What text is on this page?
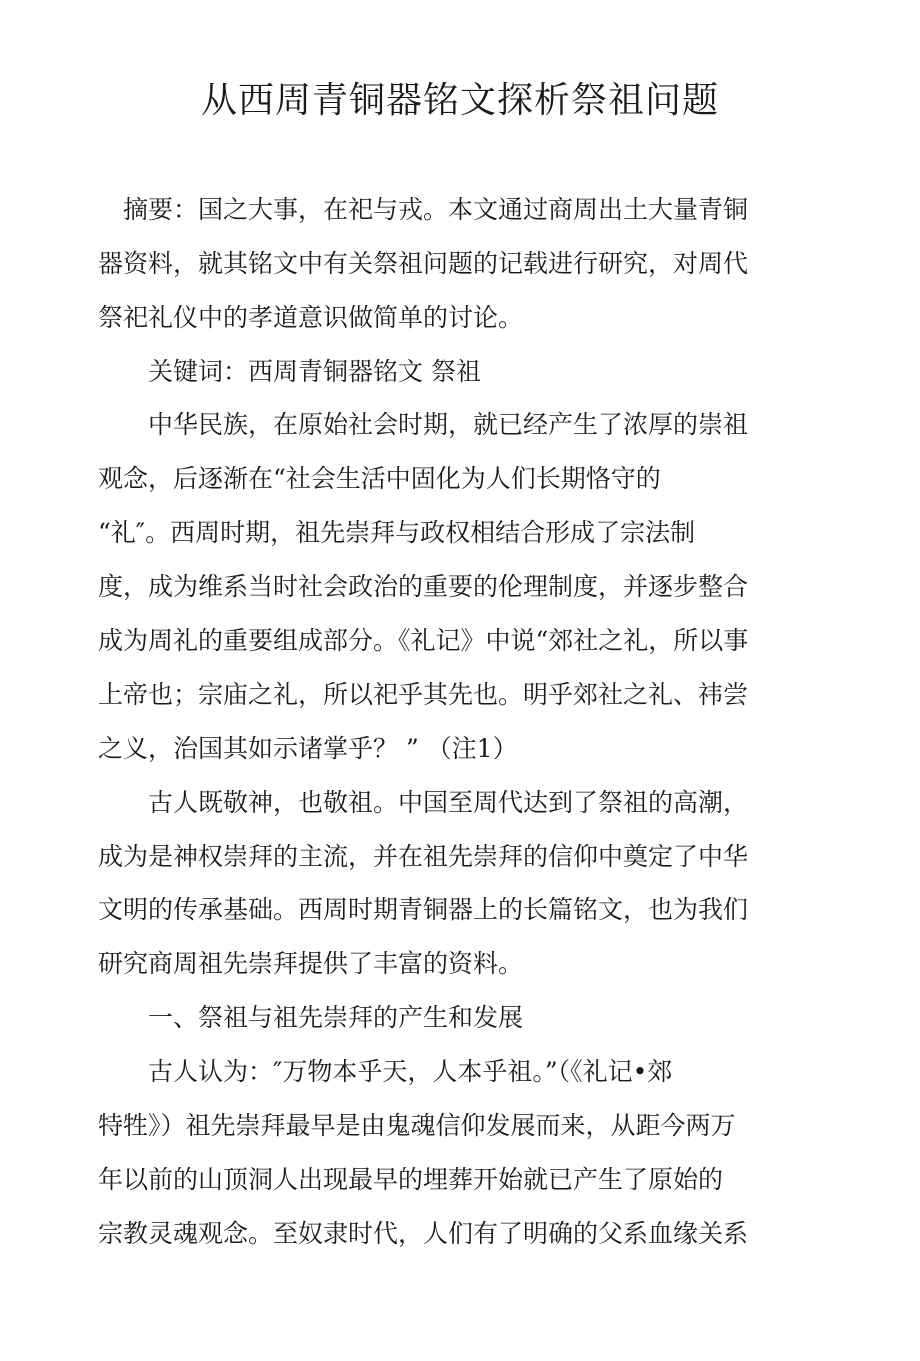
从西周青铜器铭文探析祭祖问题

　摘要：国之大事，在祀与戎。本文通过商周出土大量青铜

器资料，就其铭文中有关祭祖问题的记载进行研究，对周代

祭祀礼仪中的孝道意识做简单的讨论。

　　关键词：西周青铜器铭文 祭祖

　　中华民族，在原始社会时期，就已经产生了浓厚的崇祖

观念，后逐渐在“社会生活中固化为人们长期恪守的

“礼″。西周时期，祖先崇拜与政权相结合形成了宗法制

度，成为维系当时社会政治的重要的伦理制度，并逐步整合

成为周礼的重要组成部分。《礼记》中说“郊社之礼，所以事

上帝也；宗庙之礼，所以祀乎其先也。明乎郊社之礼、祎尝

之义，治国其如示诸掌乎？ ” （注1）

　　古人既敬神，也敬祖。中国至周代达到了祭祖的高潮，

成为是神权崇拜的主流，并在祖先崇拜的信仰中奠定了中华

文明的传承基础。西周时期青铜器上的长篇铭文，也为我们

研究商周祖先崇拜提供了丰富的资料。

　　一、祭祖与祖先崇拜的产生和发展

　　古人认为：″万物本乎天，人本乎祖。”（《礼记•郊

特牲》）祖先崇拜最早是由鬼魂信仰发展而来，从距今两万

年以前的山顶洞人出现最早的埋葬开始就已产生了原始的

宗教灵魂观念。至奴隶时代，人们有了明确的父系血缘关系
